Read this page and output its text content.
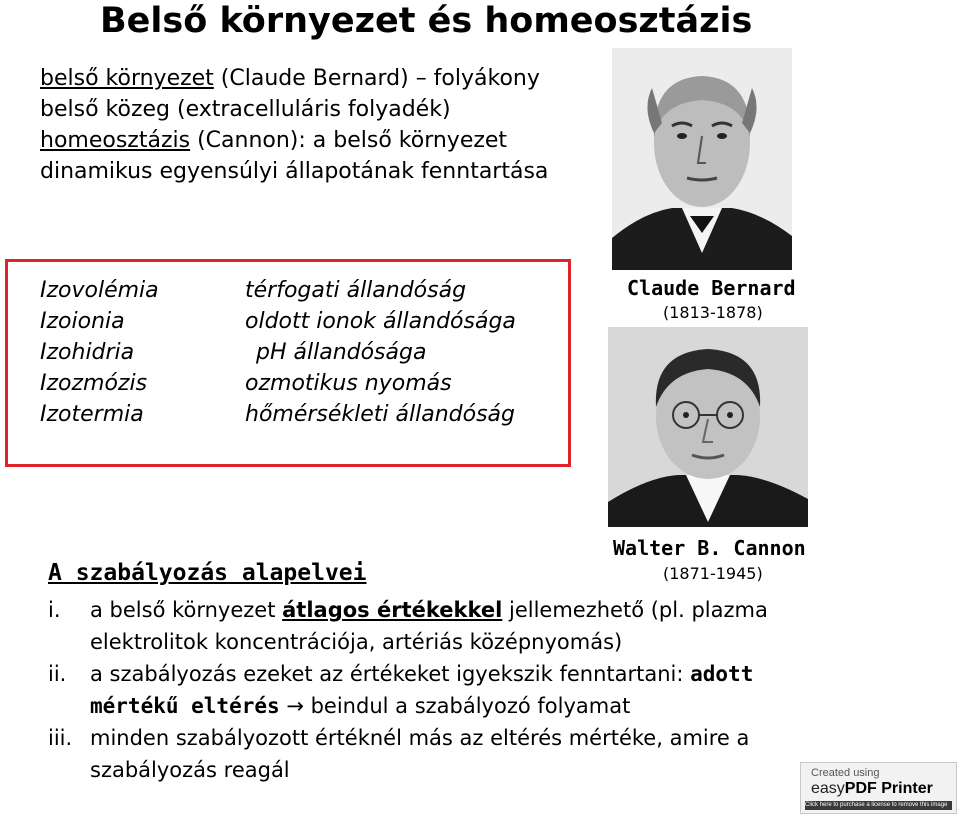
Belső környezet és homeosztázis
belső környezet (Claude Bernard) – folyákony belső közeg (extracelluláris folyadék)
homeosztázis (Cannon): a belső környezet dinamikus egyensúlyi állapotának fenntartása
Izovolémia
Izoionia
Izohidria
Izozmózis
Izotermia
térfogati állandóság
oldott ionok állandósága
pH állandósága
ozmotikus nyomás
hőmérsékleti állandóság
Claude Bernard
(1813-1878)
Walter B. Cannon
(1871-1945)
A szabályozás alapelvei
i. a belső környezet átlagos értékekkel jellemezhető (pl. plazma elektrolitok koncentrációja, artériás középnyomás)
ii. a szabályozás ezeket az értékeket igyekszik fenntartani: adott mértékű eltérés → beindul a szabályozó folyamat
iii. minden szabályozott értéknél más az eltérés mértéke, amire a szabályozás reagál	Created using
easyPDF Printer
Click here to purchase a license to remove this image
